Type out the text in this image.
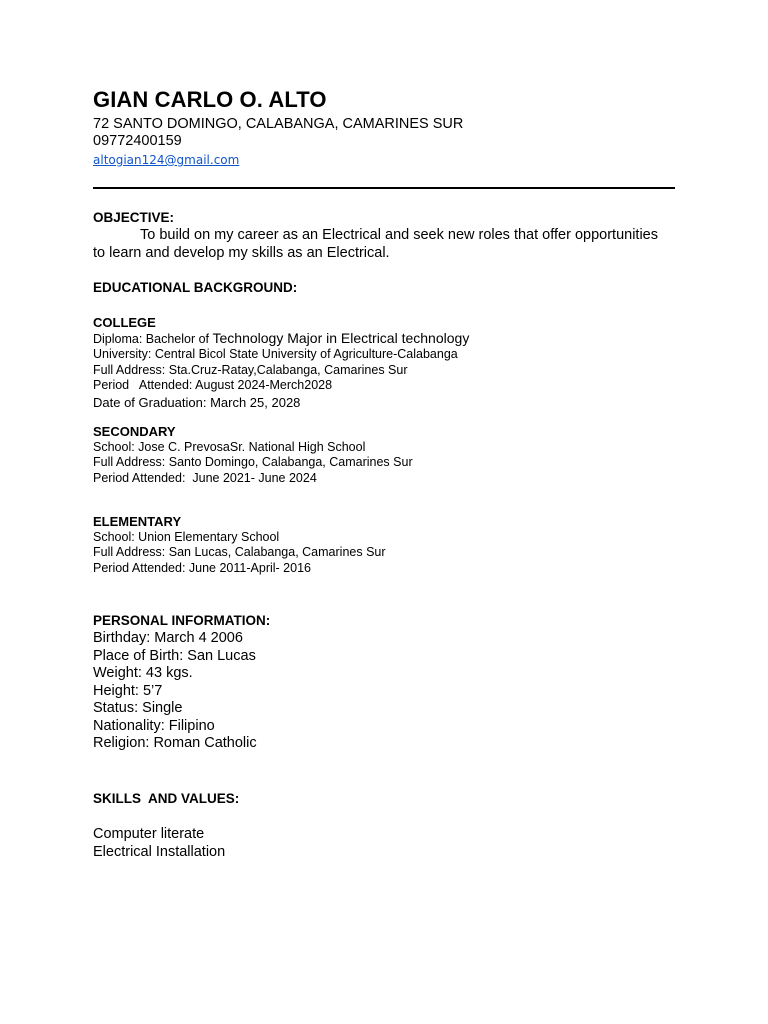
GIAN CARLO O. ALTO
72 SANTO DOMINGO, CALABANGA, CAMARINES SUR
09772400159
altogian124@gmail.com
OBJECTIVE:
To build on my career as an Electrical and seek new roles that offer opportunities to learn and develop my skills as an Electrical.
EDUCATIONAL BACKGROUND:
COLLEGE
Diploma: Bachelor of Technology Major in Electrical technology
University: Central Bicol State University of Agriculture-Calabanga
Full Address: Sta.Cruz-Ratay,Calabanga, Camarines Sur
Period   Attended: August 2024-Merch2028
Date of Graduation: March 25, 2028
SECONDARY
School: Jose C. PrevosaSr. National High School
Full Address: Santo Domingo, Calabanga, Camarines Sur
Period Attended:  June 2021- June 2024
ELEMENTARY
School: Union Elementary School
Full Address: San Lucas, Calabanga, Camarines Sur
Period Attended: June 2011-April- 2016
PERSONAL INFORMATION:
Birthday: March 4 2006
Place of Birth: San Lucas
Weight: 43 kgs.
Height: 5’7
Status: Single
Nationality: Filipino
Religion: Roman Catholic
SKILLS  AND VALUES:
Computer literate
Electrical Installation
